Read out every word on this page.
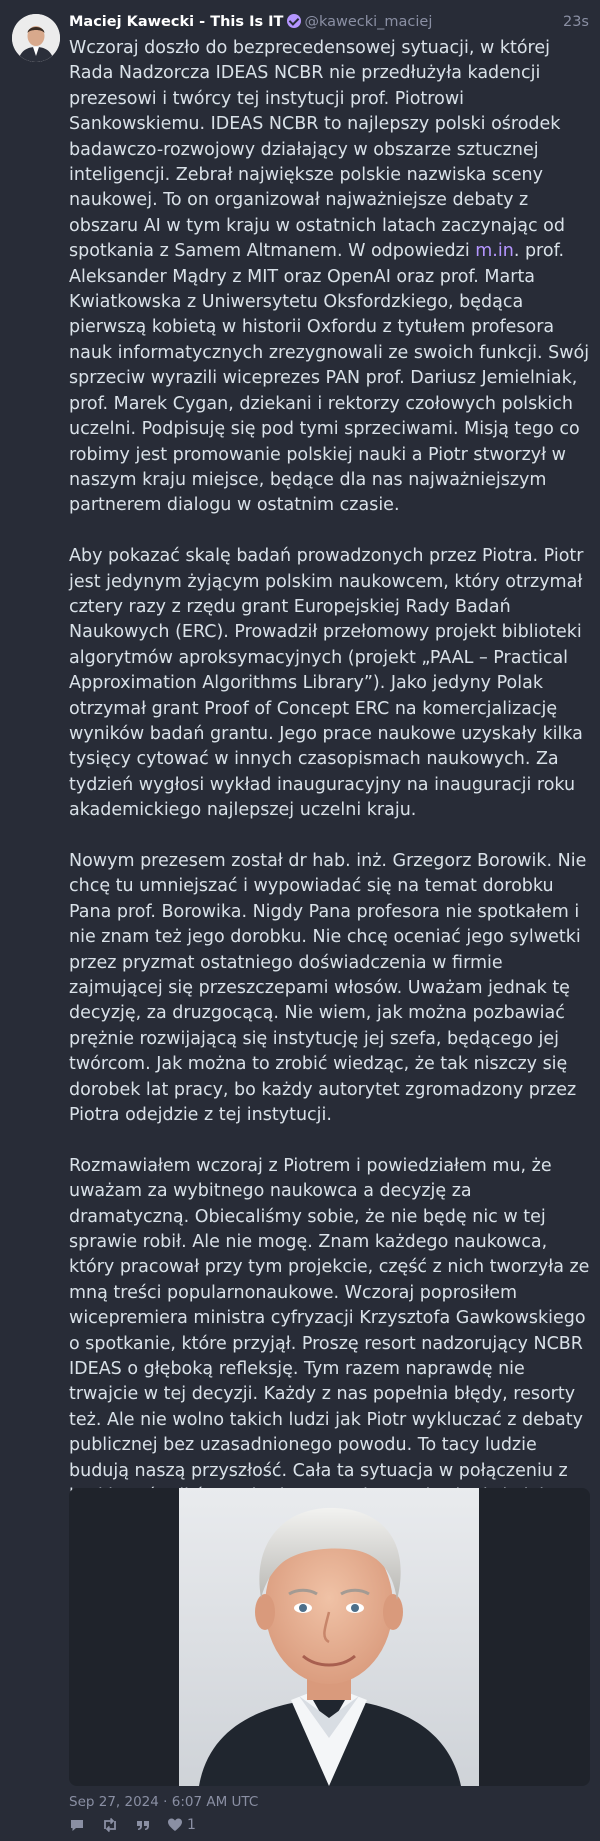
Maciej Kawecki - This Is IT @kawecki_maciej	23s

Wczoraj doszło do bezprecedensowej sytuacji, w której Rada Nadzorcza IDEAS NCBR nie przedłużyła kadencji prezesowi i twórcy tej instytucji prof. Piotrowi Sankowskiemu. IDEAS NCBR to najlepszy polski ośrodek badawczo-rozwojowy działający w obszarze sztucznej inteligencji. Zebrał największe polskie nazwiska sceny naukowej. To on organizował najważniejsze debaty z obszaru AI w tym kraju w ostatnich latach zaczynając od spotkania z Samem Altmanem. W odpowiedzi m.in. prof. Aleksander Mądry z MIT oraz OpenAI oraz prof. Marta Kwiatkowska z Uniwersytetu Oksfordzkiego, będąca pierwszą kobietą w historii Oxfordu z tytułem profesora nauk informatycznych zrezygnowali ze swoich funkcji. Swój sprzeciw wyrazili wiceprezes PAN prof. Dariusz Jemielniak, prof. Marek Cygan, dziekani i rektorzy czołowych polskich uczelni. Podpisuję się pod tymi sprzeciwami. Misją tego co robimy jest promowanie polskiej nauki a Piotr stworzył w naszym kraju miejsce, będące dla nas najważniejszym partnerem dialogu w ostatnim czasie.

Aby pokazać skalę badań prowadzonych przez Piotra. Piotr jest jedynym żyjącym polskim naukowcem, który otrzymał cztery razy z rzędu grant Europejskiej Rady Badań Naukowych (ERC). Prowadził przełomowy projekt biblioteki algorytmów aproksymacyjnych (projekt „PAAL – Practical Approximation Algorithms Library”). Jako jedyny Polak otrzymał grant Proof of Concept ERC na komercjalizację wyników badań grantu. Jego prace naukowe uzyskały kilka tysięcy cytować w innych czasopismach naukowych. Za tydzień wygłosi wykład inauguracyjny na inauguracji roku akademickiego najlepszej uczelni kraju.

Nowym prezesem został dr hab. inż. Grzegorz Borowik. Nie chcę tu umniejszać i wypowiadać się na temat dorobku Pana prof. Borowika. Nigdy Pana profesora nie spotkałem i nie znam też jego dorobku. Nie chcę oceniać jego sylwetki przez pryzmat ostatniego doświadczenia w firmie zajmującej się przeszczepami włosów. Uważam jednak tę decyzję, za druzgocącą. Nie wiem, jak można pozbawiać prężnie rozwijającą się instytucję jej szefa, będącego jej twórcom. Jak można to zrobić wiedząc, że tak niszczy się dorobek lat pracy, bo każdy autorytet zgromadzony przez Piotra odejdzie z tej instytucji.

Rozmawiałem wczoraj z Piotrem i powiedziałem mu, że uważam za wybitnego naukowca a decyzję za dramatyczną. Obiecaliśmy sobie, że nie będę nic w tej sprawie robił. Ale nie mogę. Znam każdego naukowca, który pracował przy tym projekcie, część z nich tworzyła ze mną treści popularnonaukowe. Wczoraj poprosiłem wicepremiera ministra cyfryzacji Krzysztofa Gawkowskiego o spotkanie, które przyjął. Proszę resort nadzorujący NCBR IDEAS o głęboką refleksję. Tym razem naprawdę nie trwajcie w tej decyzji. Każdy z nas popełnia błędy, resorty też. Ale nie wolno takich ludzi jak Piotr wykluczać z debaty publicznej bez uzasadnionego powodu. To tacy ludzie budują naszą przyszłość. Cała ta sytuacja w połączeniu z

Sep 27, 2024 · 6:07 AM UTC
1
